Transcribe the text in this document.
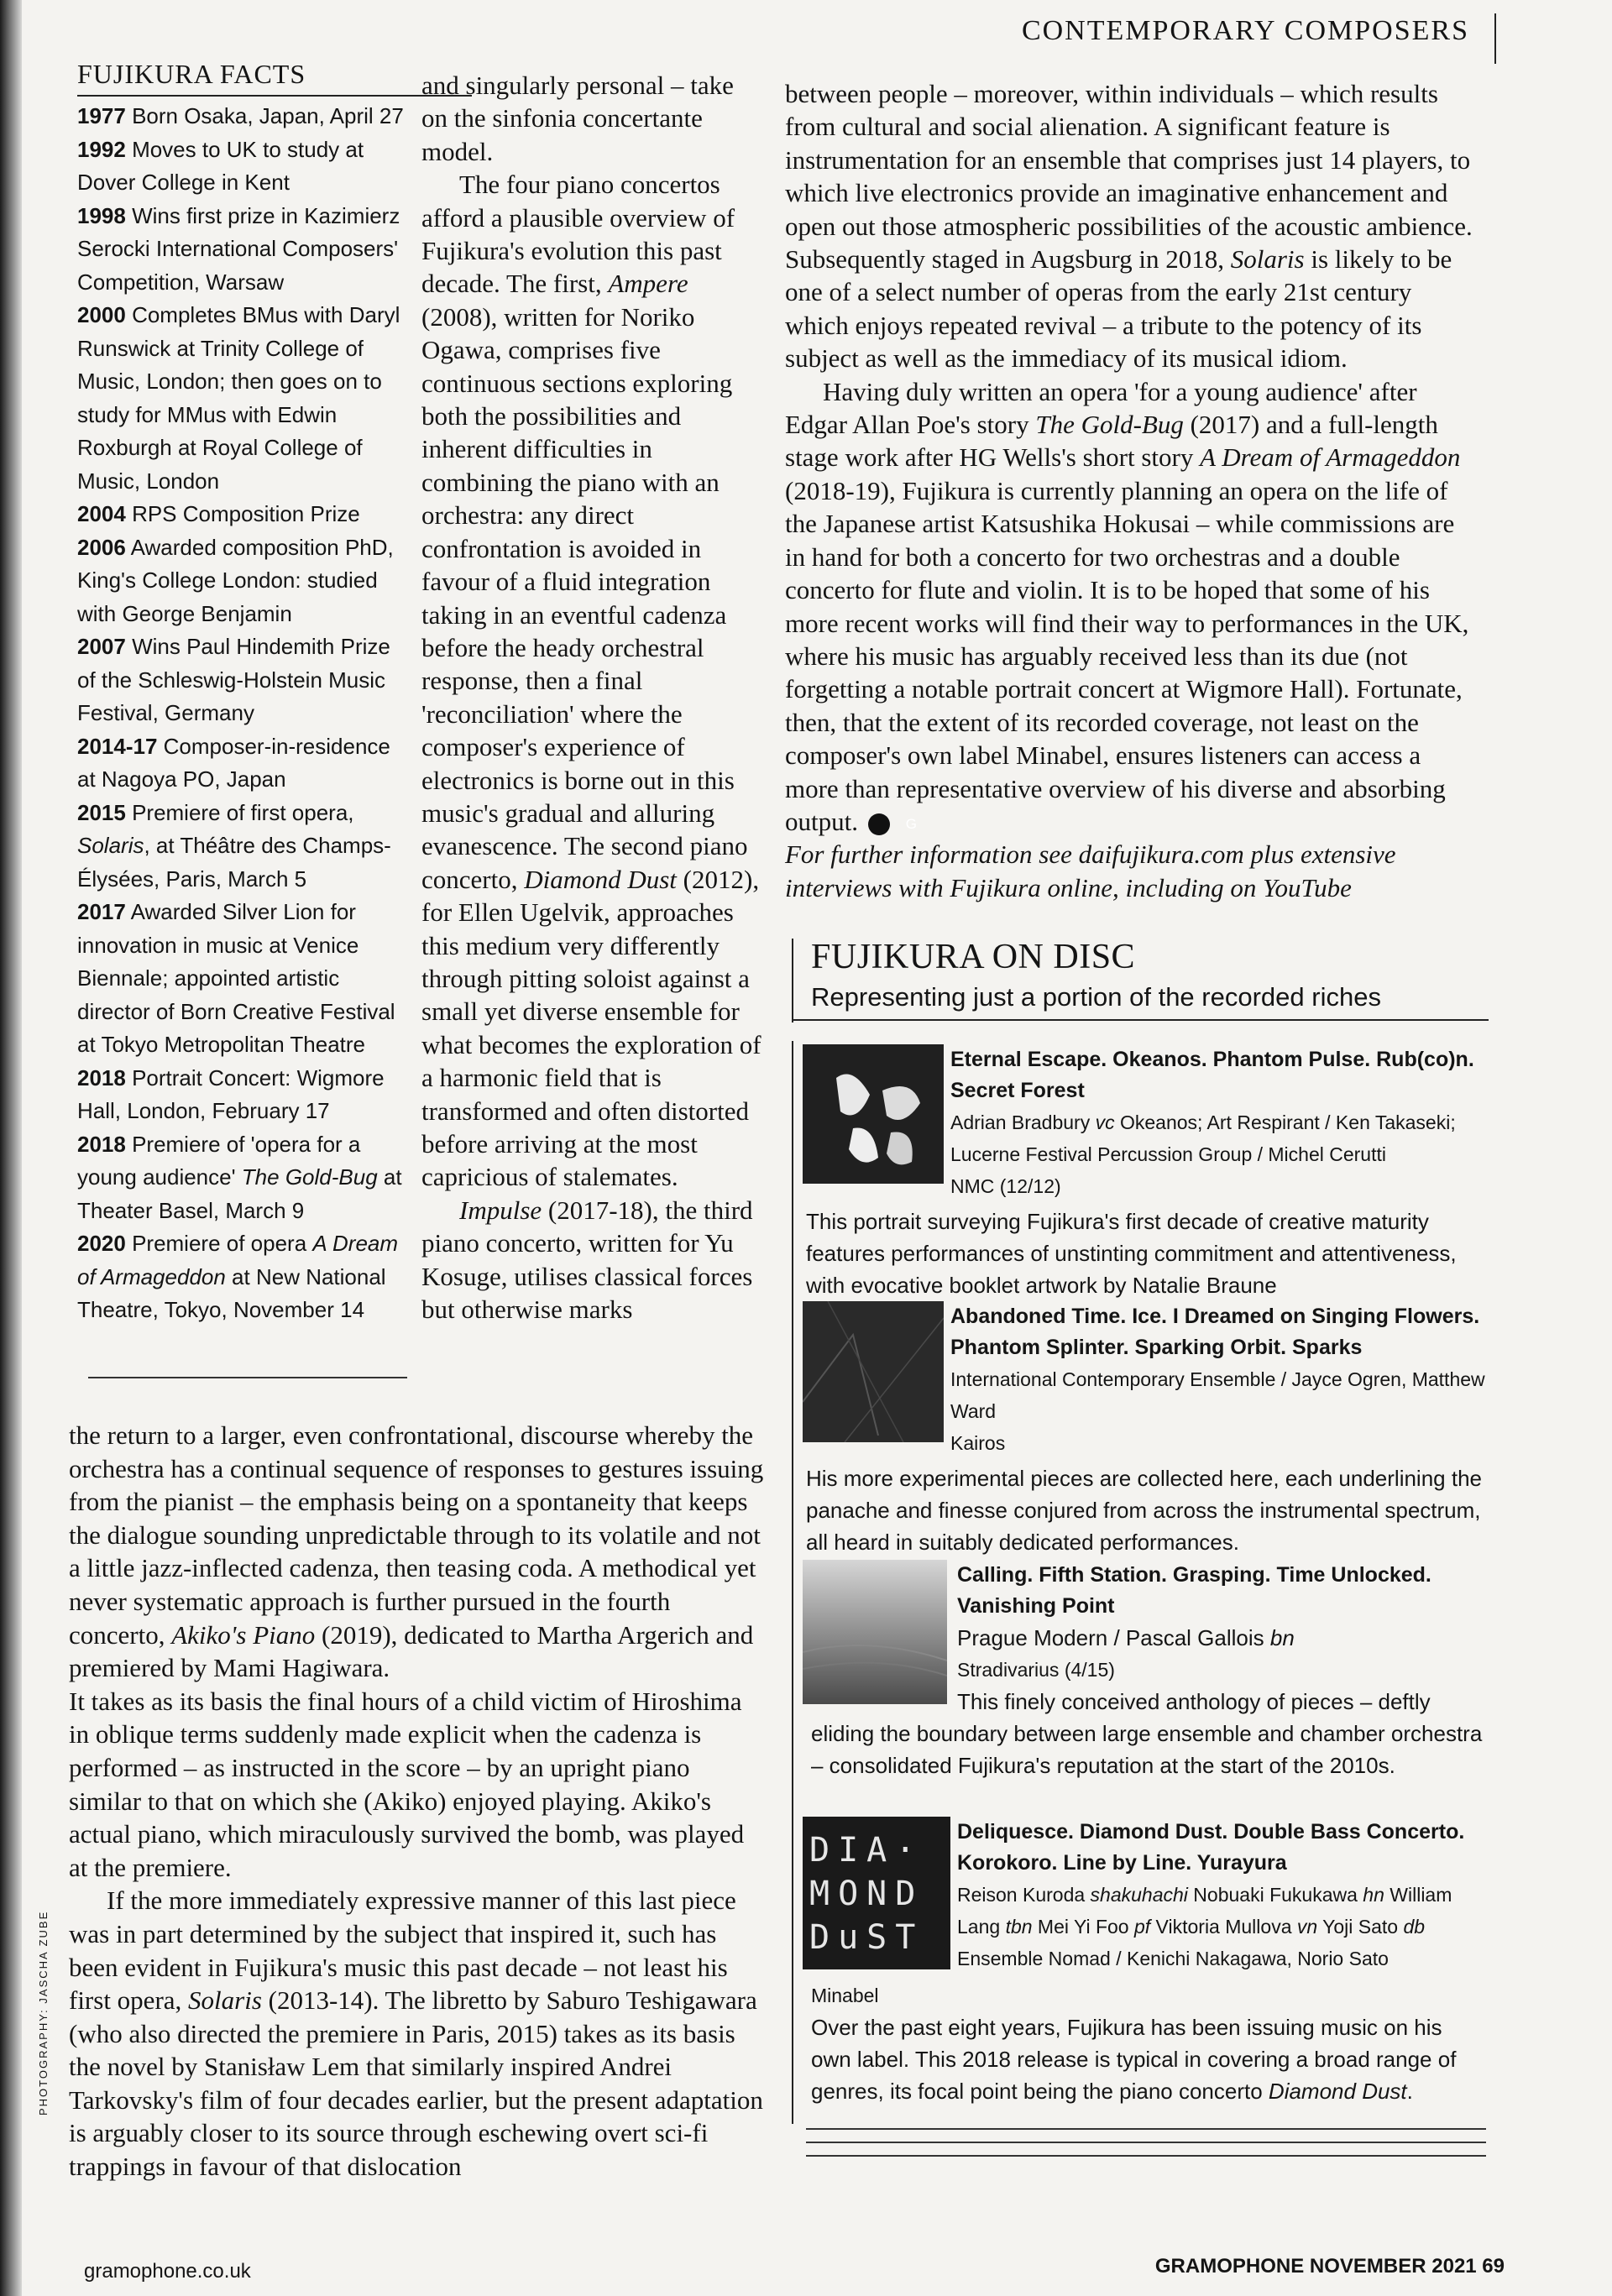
CONTEMPORARY COMPOSERS
FUJIKURA FACTS
1977 Born Osaka, Japan, April 27
1992 Moves to UK to study at Dover College in Kent
1998 Wins first prize in Kazimierz Serocki International Composers' Competition, Warsaw
2000 Completes BMus with Daryl Runswick at Trinity College of Music, London; then goes on to study for MMus with Edwin Roxburgh at Royal College of Music, London
2004 RPS Composition Prize
2006 Awarded composition PhD, King's College London: studied with George Benjamin
2007 Wins Paul Hindemith Prize of the Schleswig-Holstein Music Festival, Germany
2014-17 Composer-in-residence at Nagoya PO, Japan
2015 Premiere of first opera, Solaris, at Théâtre des Champs-Élysées, Paris, March 5
2017 Awarded Silver Lion for innovation in music at Venice Biennale; appointed artistic director of Born Creative Festival at Tokyo Metropolitan Theatre
2018 Portrait Concert: Wigmore Hall, London, February 17
2018 Premiere of 'opera for a young audience' The Gold-Bug at Theater Basel, March 9
2020 Premiere of opera A Dream of Armageddon at New National Theatre, Tokyo, November 14

and singularly personal – take on the sinfonia concertante model.

The four piano concertos afford a plausible overview of Fujikura's evolution this past decade. The first, Ampere (2008), written for Noriko Ogawa, comprises five continuous sections exploring both the possibilities and inherent difficulties in combining the piano with an orchestra: any direct confrontation is avoided in favour of a fluid integration taking in an eventful cadenza before the heady orchestral response, then a final 'reconciliation' where the composer's experience of electronics is borne out in this music's gradual and alluring evanescence. The second piano concerto, Diamond Dust (2012), for Ellen Ugelvik, approaches this medium very differently through pitting soloist against a small yet diverse ensemble for what becomes the exploration of a harmonic field that is transformed and often distorted before arriving at the most capricious of stalemates.

Impulse (2017-18), the third piano concerto, written for Yu Kosuge, utilises classical forces but otherwise marks

the return to a larger, even confrontational, discourse whereby the orchestra has a continual sequence of responses to gestures issuing from the pianist – the emphasis being on a spontaneity that keeps the dialogue sounding unpredictable through to its volatile and not a little jazz-inflected cadenza, then teasing coda. A methodical yet never systematic approach is further pursued in the fourth concerto, Akiko's Piano (2019), dedicated to Martha Argerich and premiered by Mami Hagiwara.

It takes as its basis the final hours of a child victim of Hiroshima in oblique terms suddenly made explicit when the cadenza is performed – as instructed in the score – by an upright piano similar to that on which she (Akiko) enjoyed playing. Akiko's actual piano, which miraculously survived the bomb, was played at the premiere.

If the more immediately expressive manner of this last piece was in part determined by the subject that inspired it, such has been evident in Fujikura's music this past decade – not least his first opera, Solaris (2013-14). The libretto by Saburo Teshigawara (who also directed the premiere in Paris, 2015) takes as its basis the novel by Stanisław Lem that similarly inspired Andrei Tarkovsky's film of four decades earlier, but the present adaptation is arguably closer to its source through eschewing overt sci-fi trappings in favour of that dislocation

between people – moreover, within individuals – which results from cultural and social alienation. A significant feature is instrumentation for an ensemble that comprises just 14 players, to which live electronics provide an imaginative enhancement and open out those atmospheric possibilities of the acoustic ambience. Subsequently staged in Augsburg in 2018, Solaris is likely to be one of a select number of operas from the early 21st century which enjoys repeated revival – a tribute to the potency of its subject as well as the immediacy of its musical idiom.

Having duly written an opera 'for a young audience' after Edgar Allan Poe's story The Gold-Bug (2017) and a full-length stage work after HG Wells's short story A Dream of Armageddon (2018-19), Fujikura is currently planning an opera on the life of the Japanese artist Katsushika Hokusai – while commissions are in hand for both a concerto for two orchestras and a double concerto for flute and violin. It is to be hoped that some of his more recent works will find their way to performances in the UK, where his music has arguably received less than its due (not forgetting a notable portrait concert at Wigmore Hall). Fortunate, then, that the extent of its recorded coverage, not least on the composer's own label Minabel, ensures listeners can access a more than representative overview of his diverse and absorbing output.	G

For further information see daifujikura.com plus extensive interviews with Fujikura online, including on YouTube

FUJIKURA ON DISC
Representing just a portion of the recorded riches
Eternal Escape. Okeanos. Phantom Pulse. Rub(co)n. Secret Forest
Adrian Bradbury vc Okeanos; Art Respirant / Ken Takaseki; Lucerne Festival Percussion Group / Michel Cerutti
NMC (12/12)
This portrait surveying Fujikura's first decade of creative maturity features performances of unstinting commitment and attentiveness, with evocative booklet artwork by Natalie Braune
Abandoned Time. Ice. I Dreamed on Singing Flowers. Phantom Splinter. Sparking Orbit. Sparks
International Contemporary Ensemble / Jayce Ogren, Matthew Ward
Kairos
His more experimental pieces are collected here, each underlining the panache and finesse conjured from across the instrumental spectrum, all heard in suitably dedicated performances.
Calling. Fifth Station. Grasping. Time Unlocked. Vanishing Point
Prague Modern / Pascal Gallois bn
Stradivarius (4/15)
This finely conceived anthology of pieces – deftly eliding the boundary between large ensemble and chamber orchestra – consolidated Fujikura's reputation at the start of the 2010s.
DIA·
MOND
DuST
Deliquesce. Diamond Dust. Double Bass Concerto. Korokoro. Line by Line. Yurayura
Reison Kuroda shakuhachi Nobuaki Fukukawa hn William Lang tbn Mei Yi Foo pf Viktoria Mullova vn Yoji Sato db Ensemble Nomad / Kenichi Nakagawa, Norio Sato
Minabel
Over the past eight years, Fujikura has been issuing music on his own label. This 2018 release is typical in covering a broad range of genres, its focal point being the piano concerto Diamond Dust.
PHOTOGRAPHY: JASCHA ZUBE
gramophone.co.uk	GRAMOPHONE NOVEMBER 2021 69
